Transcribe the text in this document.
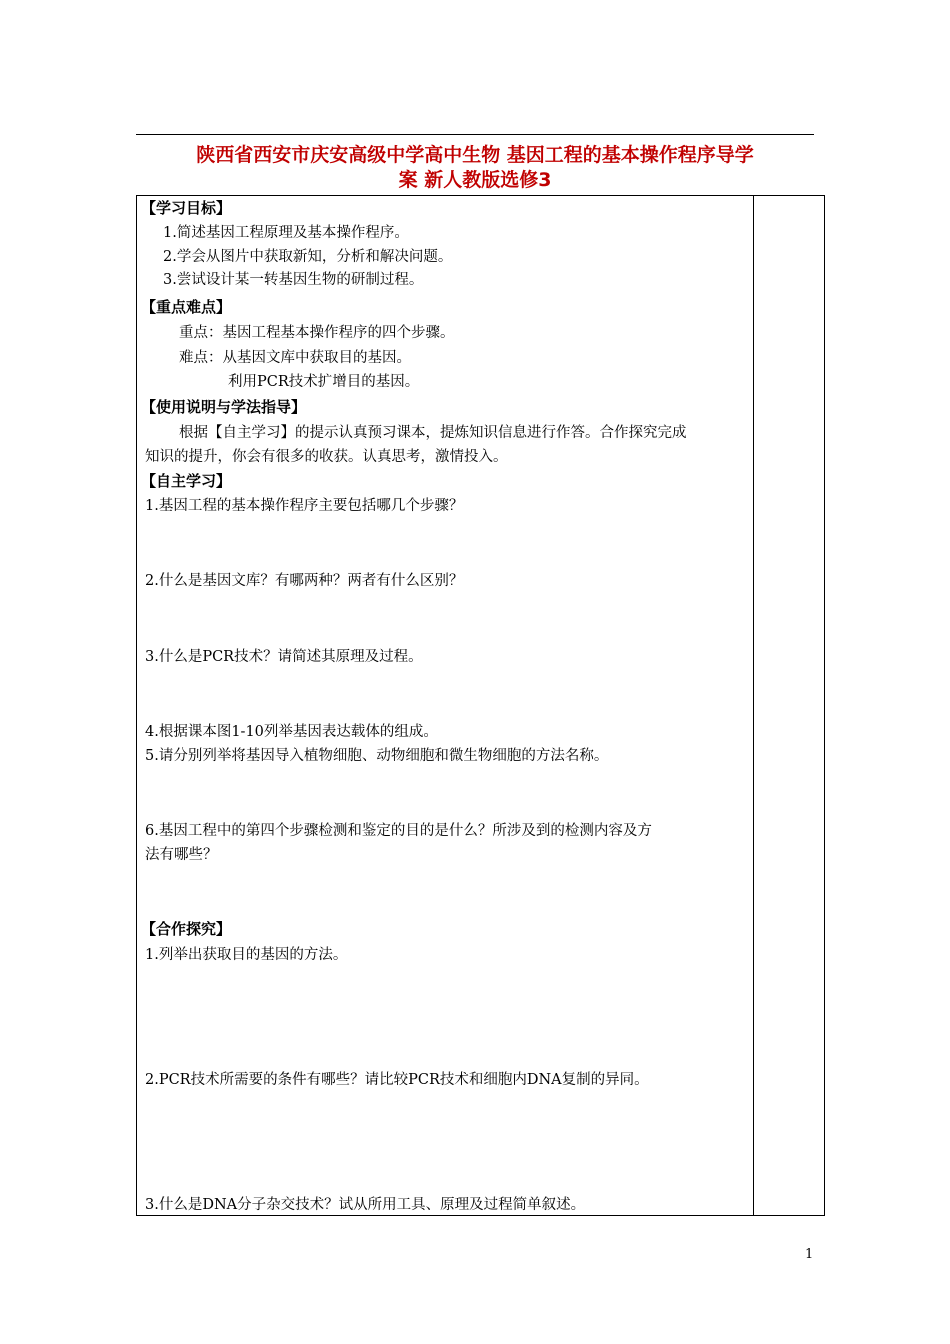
陕西省西安市庆安高级中学高中生物 基因工程的基本操作程序导学
案 新人教版选修3
【学习目标】
1.简述基因工程原理及基本操作程序。
2.学会从图片中获取新知，分析和解决问题。
3.尝试设计某一转基因生物的研制过程。
【重点难点】
重点：基因工程基本操作程序的四个步骤。
难点：从基因文库中获取目的基因。
利用PCR技术扩增目的基因。
【使用说明与学法指导】
根据【自主学习】的提示认真预习课本，提炼知识信息进行作答。合作探究完成
知识的提升，你会有很多的收获。认真思考，激情投入。
【自主学习】
1.基因工程的基本操作程序主要包括哪几个步骤？
2.什么是基因文库？有哪两种？两者有什么区别？
3.什么是PCR技术？请简述其原理及过程。
4.根据课本图1-10列举基因表达载体的组成。
5.请分别列举将基因导入植物细胞、动物细胞和微生物细胞的方法名称。
6.基因工程中的第四个步骤检测和鉴定的目的是什么？所涉及到的检测内容及方
法有哪些？
【合作探究】
1.列举出获取目的基因的方法。
2.PCR技术所需要的条件有哪些？请比较PCR技术和细胞内DNA复制的异同。
3.什么是DNA分子杂交技术？试从所用工具、原理及过程简单叙述。
1
